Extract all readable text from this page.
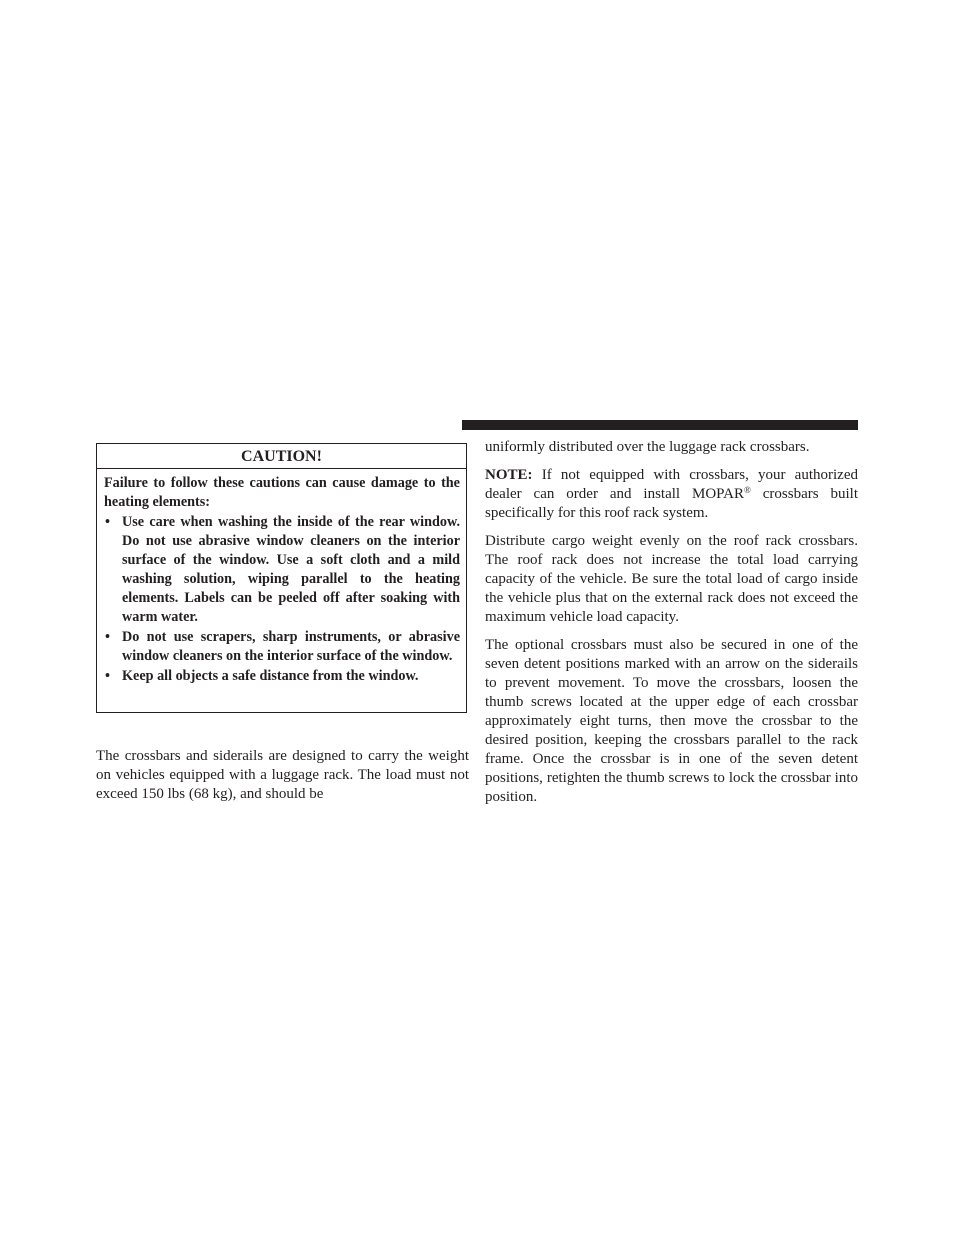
CAUTION!

Failure to follow these cautions can cause damage to the heating elements:

• Use care when washing the inside of the rear window. Do not use abrasive window cleaners on the interior surface of the window. Use a soft cloth and a mild washing solution, wiping parallel to the heating elements. Labels can be peeled off after soaking with warm water.
• Do not use scrapers, sharp instruments, or abrasive window cleaners on the interior surface of the window.
• Keep all objects a safe distance from the window.

The crossbars and siderails are designed to carry the weight on vehicles equipped with a luggage rack. The load must not exceed 150 lbs (68 kg), and should be

uniformly distributed over the luggage rack crossbars.

NOTE: If not equipped with crossbars, your authorized dealer can order and install MOPAR® crossbars built specifically for this roof rack system.

Distribute cargo weight evenly on the roof rack crossbars. The roof rack does not increase the total load carrying capacity of the vehicle. Be sure the total load of cargo inside the vehicle plus that on the external rack does not exceed the maximum vehicle load capacity.

The optional crossbars must also be secured in one of the seven detent positions marked with an arrow on the siderails to prevent movement. To move the crossbars, loosen the thumb screws located at the upper edge of each crossbar approximately eight turns, then move the crossbar to the desired position, keeping the crossbars parallel to the rack frame. Once the crossbar is in one of the seven detent positions, retighten the thumb screws to lock the crossbar into position.
